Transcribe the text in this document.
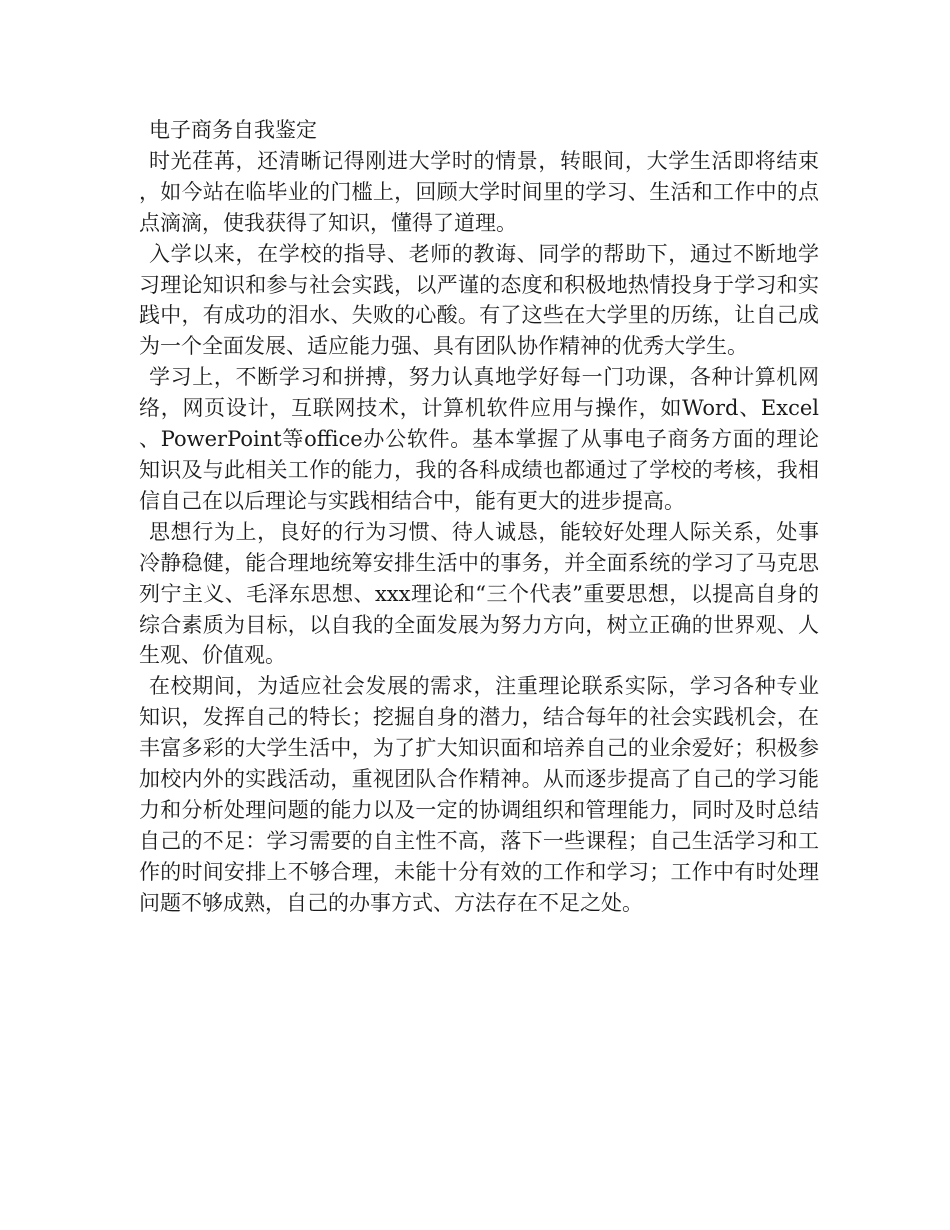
电子商务自我鉴定

时光荏苒，还清晰记得刚进大学时的情景，转眼间，大学生活即将结束，如今站在临毕业的门槛上，回顾大学时间里的学习、生活和工作中的点点滴滴，使我获得了知识，懂得了道理。

入学以来，在学校的指导、老师的教诲、同学的帮助下，通过不断地学习理论知识和参与社会实践，以严谨的态度和积极地热情投身于学习和实践中，有成功的泪水、失败的心酸。有了这些在大学里的历练，让自己成为一个全面发展、适应能力强、具有团队协作精神的优秀大学生。

学习上，不断学习和拼搏，努力认真地学好每一门功课，各种计算机网络，网页设计，互联网技术，计算机软件应用与操作，如Word、Excel、PowerPoint等office办公软件。基本掌握了从事电子商务方面的理论知识及与此相关工作的能力，我的各科成绩也都通过了学校的考核，我相信自己在以后理论与实践相结合中，能有更大的进步提高。

思想行为上，良好的行为习惯、待人诚恳，能较好处理人际关系，处事冷静稳健，能合理地统筹安排生活中的事务，并全面系统的学习了马克思列宁主义、毛泽东思想、xxx理论和“三个代表”重要思想，以提高自身的综合素质为目标，以自我的全面发展为努力方向，树立正确的世界观、人生观、价值观。

在校期间，为适应社会发展的需求，注重理论联系实际，学习各种专业知识，发挥自己的特长；挖掘自身的潜力，结合每年的社会实践机会，在丰富多彩的大学生活中，为了扩大知识面和培养自己的业余爱好；积极参加校内外的实践活动，重视团队合作精神。从而逐步提高了自己的学习能力和分析处理问题的能力以及一定的协调组织和管理能力，同时及时总结自己的不足：学习需要的自主性不高，落下一些课程；自己生活学习和工作的时间安排上不够合理，未能十分有效的工作和学习；工作中有时处理问题不够成熟，自己的办事方式、方法存在不足之处。
